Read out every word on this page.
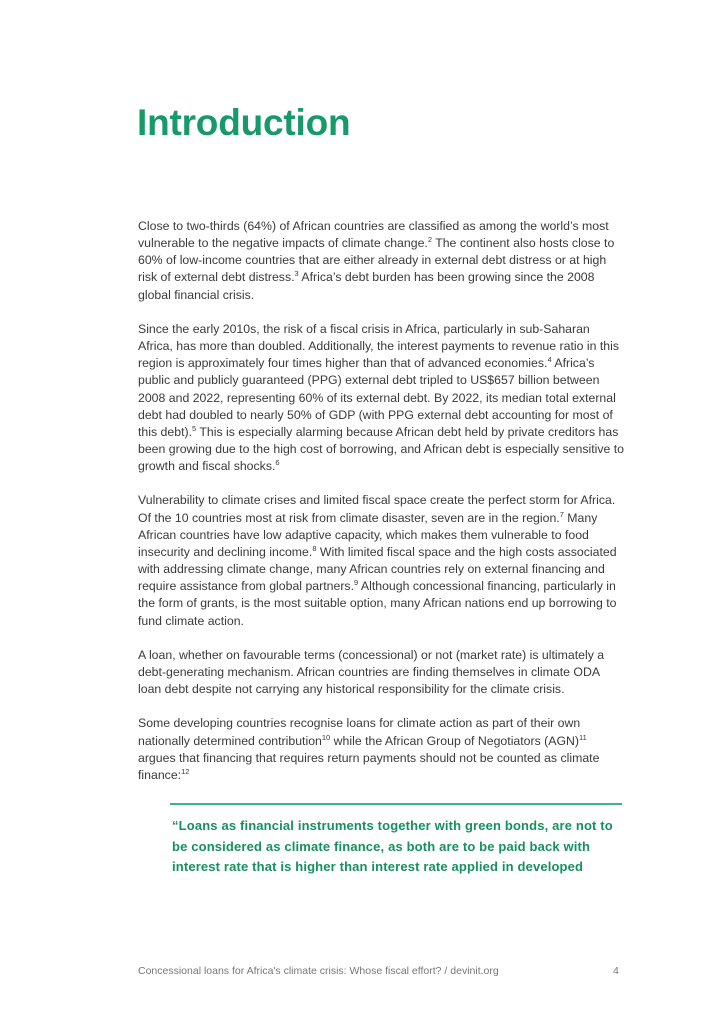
Introduction

Close to two-thirds (64%) of African countries are classified as among the world’s most
vulnerable to the negative impacts of climate change.$^2$ The continent also hosts close to
60% of low-income countries that are either already in external debt distress or at high
risk of external debt distress.$^3$ Africa’s debt burden has been growing since the 2008
global financial crisis.

Since the early 2010s, the risk of a fiscal crisis in Africa, particularly in sub-Saharan
Africa, has more than doubled. Additionally, the interest payments to revenue ratio in this
region is approximately four times higher than that of advanced economies.$^4$ Africa’s
public and publicly guaranteed (PPG) external debt tripled to US$657 billion between
2008 and 2022, representing 60% of its external debt. By 2022, its median total external
debt had doubled to nearly 50% of GDP (with PPG external debt accounting for most of
this debt).$^5$ This is especially alarming because African debt held by private creditors has
been growing due to the high cost of borrowing, and African debt is especially sensitive to
growth and fiscal shocks.$^6$

Vulnerability to climate crises and limited fiscal space create the perfect storm for Africa.
Of the 10 countries most at risk from climate disaster, seven are in the region.$^7$ Many
African countries have low adaptive capacity, which makes them vulnerable to food
insecurity and declining income.$^8$ With limited fiscal space and the high costs associated
with addressing climate change, many African countries rely on external financing and
require assistance from global partners.$^9$ Although concessional financing, particularly in
the form of grants, is the most suitable option, many African nations end up borrowing to
fund climate action.

A loan, whether on favourable terms (concessional) or not (market rate) is ultimately a
debt-generating mechanism. African countries are finding themselves in climate ODA
loan debt despite not carrying any historical responsibility for the climate crisis.

Some developing countries recognise loans for climate action as part of their own
nationally determined contribution$^{10}$ while the African Group of Negotiators (AGN)$^{11}$
argues that financing that requires return payments should not be counted as climate
finance:$^{12}$

“Loans as financial instruments together with green bonds, are not to
be considered as climate finance, as both are to be paid back with
interest rate that is higher than interest rate applied in developed
Concessional loans for Africa's climate crisis: Whose fiscal effort? / devinit.org	4
